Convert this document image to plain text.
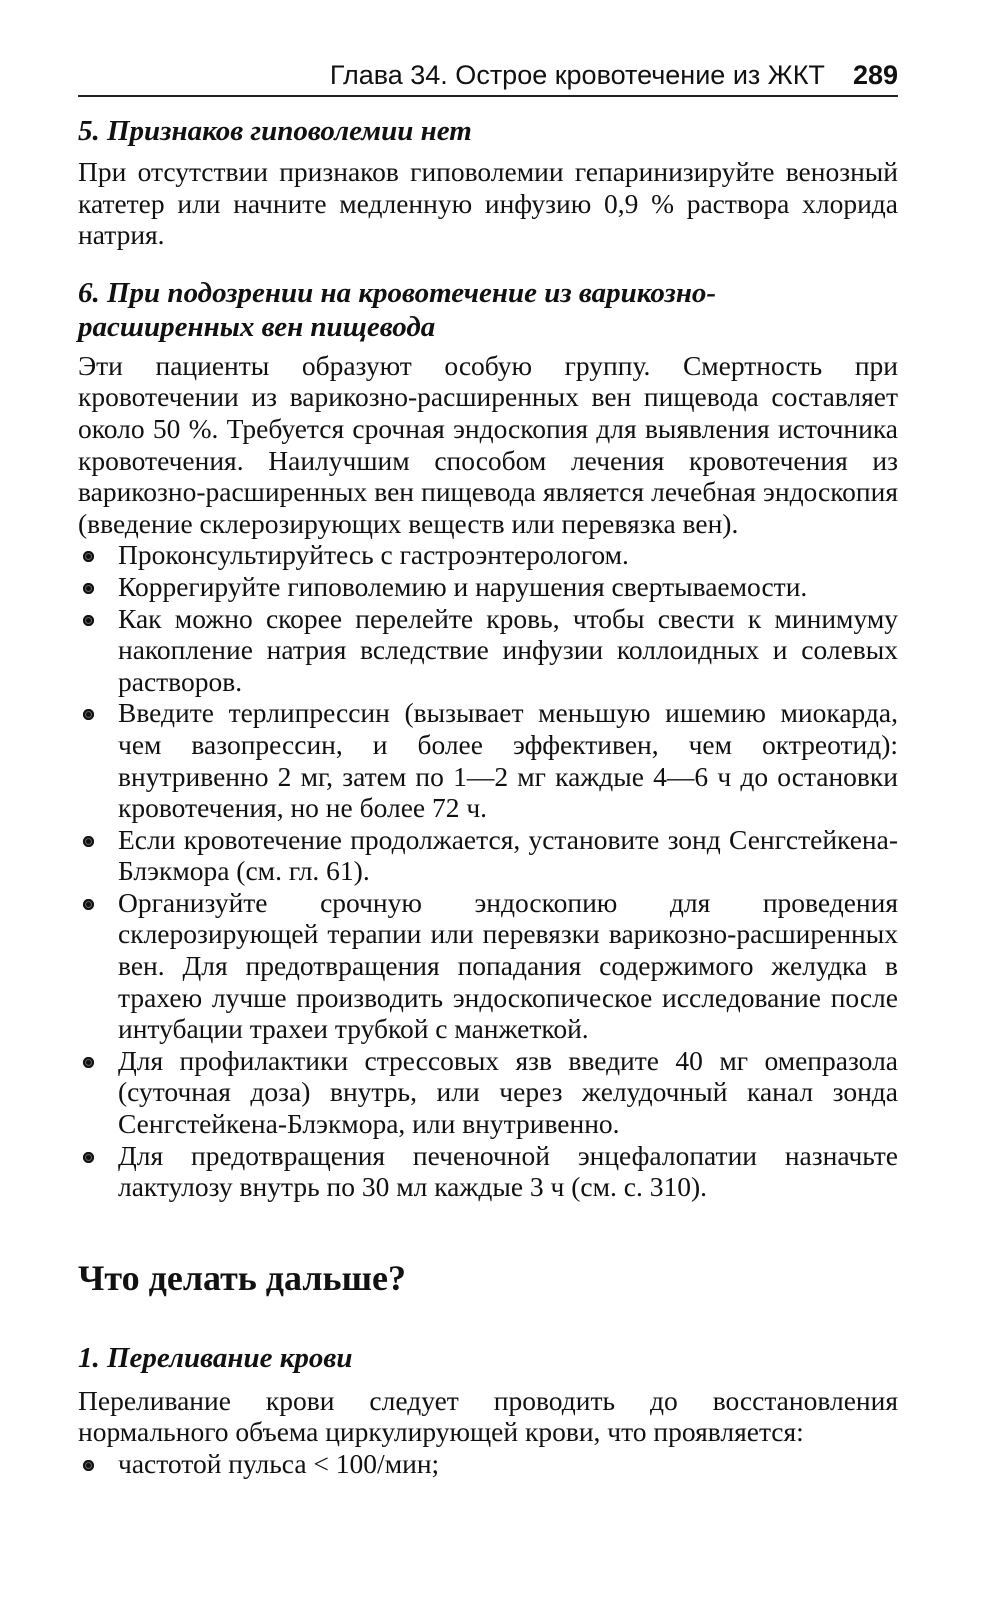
Глава 34. Острое кровотечение из ЖКТ 289
5. Признаков гиповолемии нет

При отсутствии признаков гиповолемии гепаринизируйте венозный катетер или начните медленную инфузию 0,9 % раствора хлорида натрия.

6. При подозрении на кровотечение из варикозно-
расширенных вен пищевода

Эти пациенты образуют особую группу. Смертность при кровотечении из варикозно-расширенных вен пищевода составляет около 50 %. Требуется срочная эндоскопия для выявления источника кровотечения. Наилучшим способом лечения кровотечения из варикозно-расширенных вен пищевода является лечебная эндоскопия (введение склерозирующих веществ или перевязка вен).

Проконсультируйтесь с гастроэнтерологом.
Коррегируйте гиповолемию и нарушения свертываемости.
Как можно скорее перелейте кровь, чтобы свести к минимуму накопление натрия вследствие инфузии коллоидных и солевых растворов.
Введите терлипрессин (вызывает меньшую ишемию миокарда, чем вазопрессин, и более эффективен, чем октреотид): внутривенно 2 мг, затем по 1—2 мг каждые 4—6 ч до остановки кровотечения, но не более 72 ч.
Если кровотечение продолжается, установите зонд Сенгстейкена-Блэкмора (см. гл. 61).
Организуйте срочную эндоскопию для проведения склерозирующей терапии или перевязки варикозно-расширенных вен. Для предотвращения попадания содержимого желудка в трахею лучше производить эндоскопическое исследование после интубации трахеи трубкой с манжеткой.
Для профилактики стрессовых язв введите 40 мг омепразола (суточная доза) внутрь, или через желудочный канал зонда Сенгстейкена-Блэкмора, или внутривенно.
Для предотвращения печеночной энцефалопатии назначьте лактулозу внутрь по 30 мл каждые 3 ч (см. с. 310).
Что делать дальше?
1. Переливание крови

Переливание крови следует проводить до восстановления нормального объема циркулирующей крови, что проявляется:

частотой пульса < 100/мин;
